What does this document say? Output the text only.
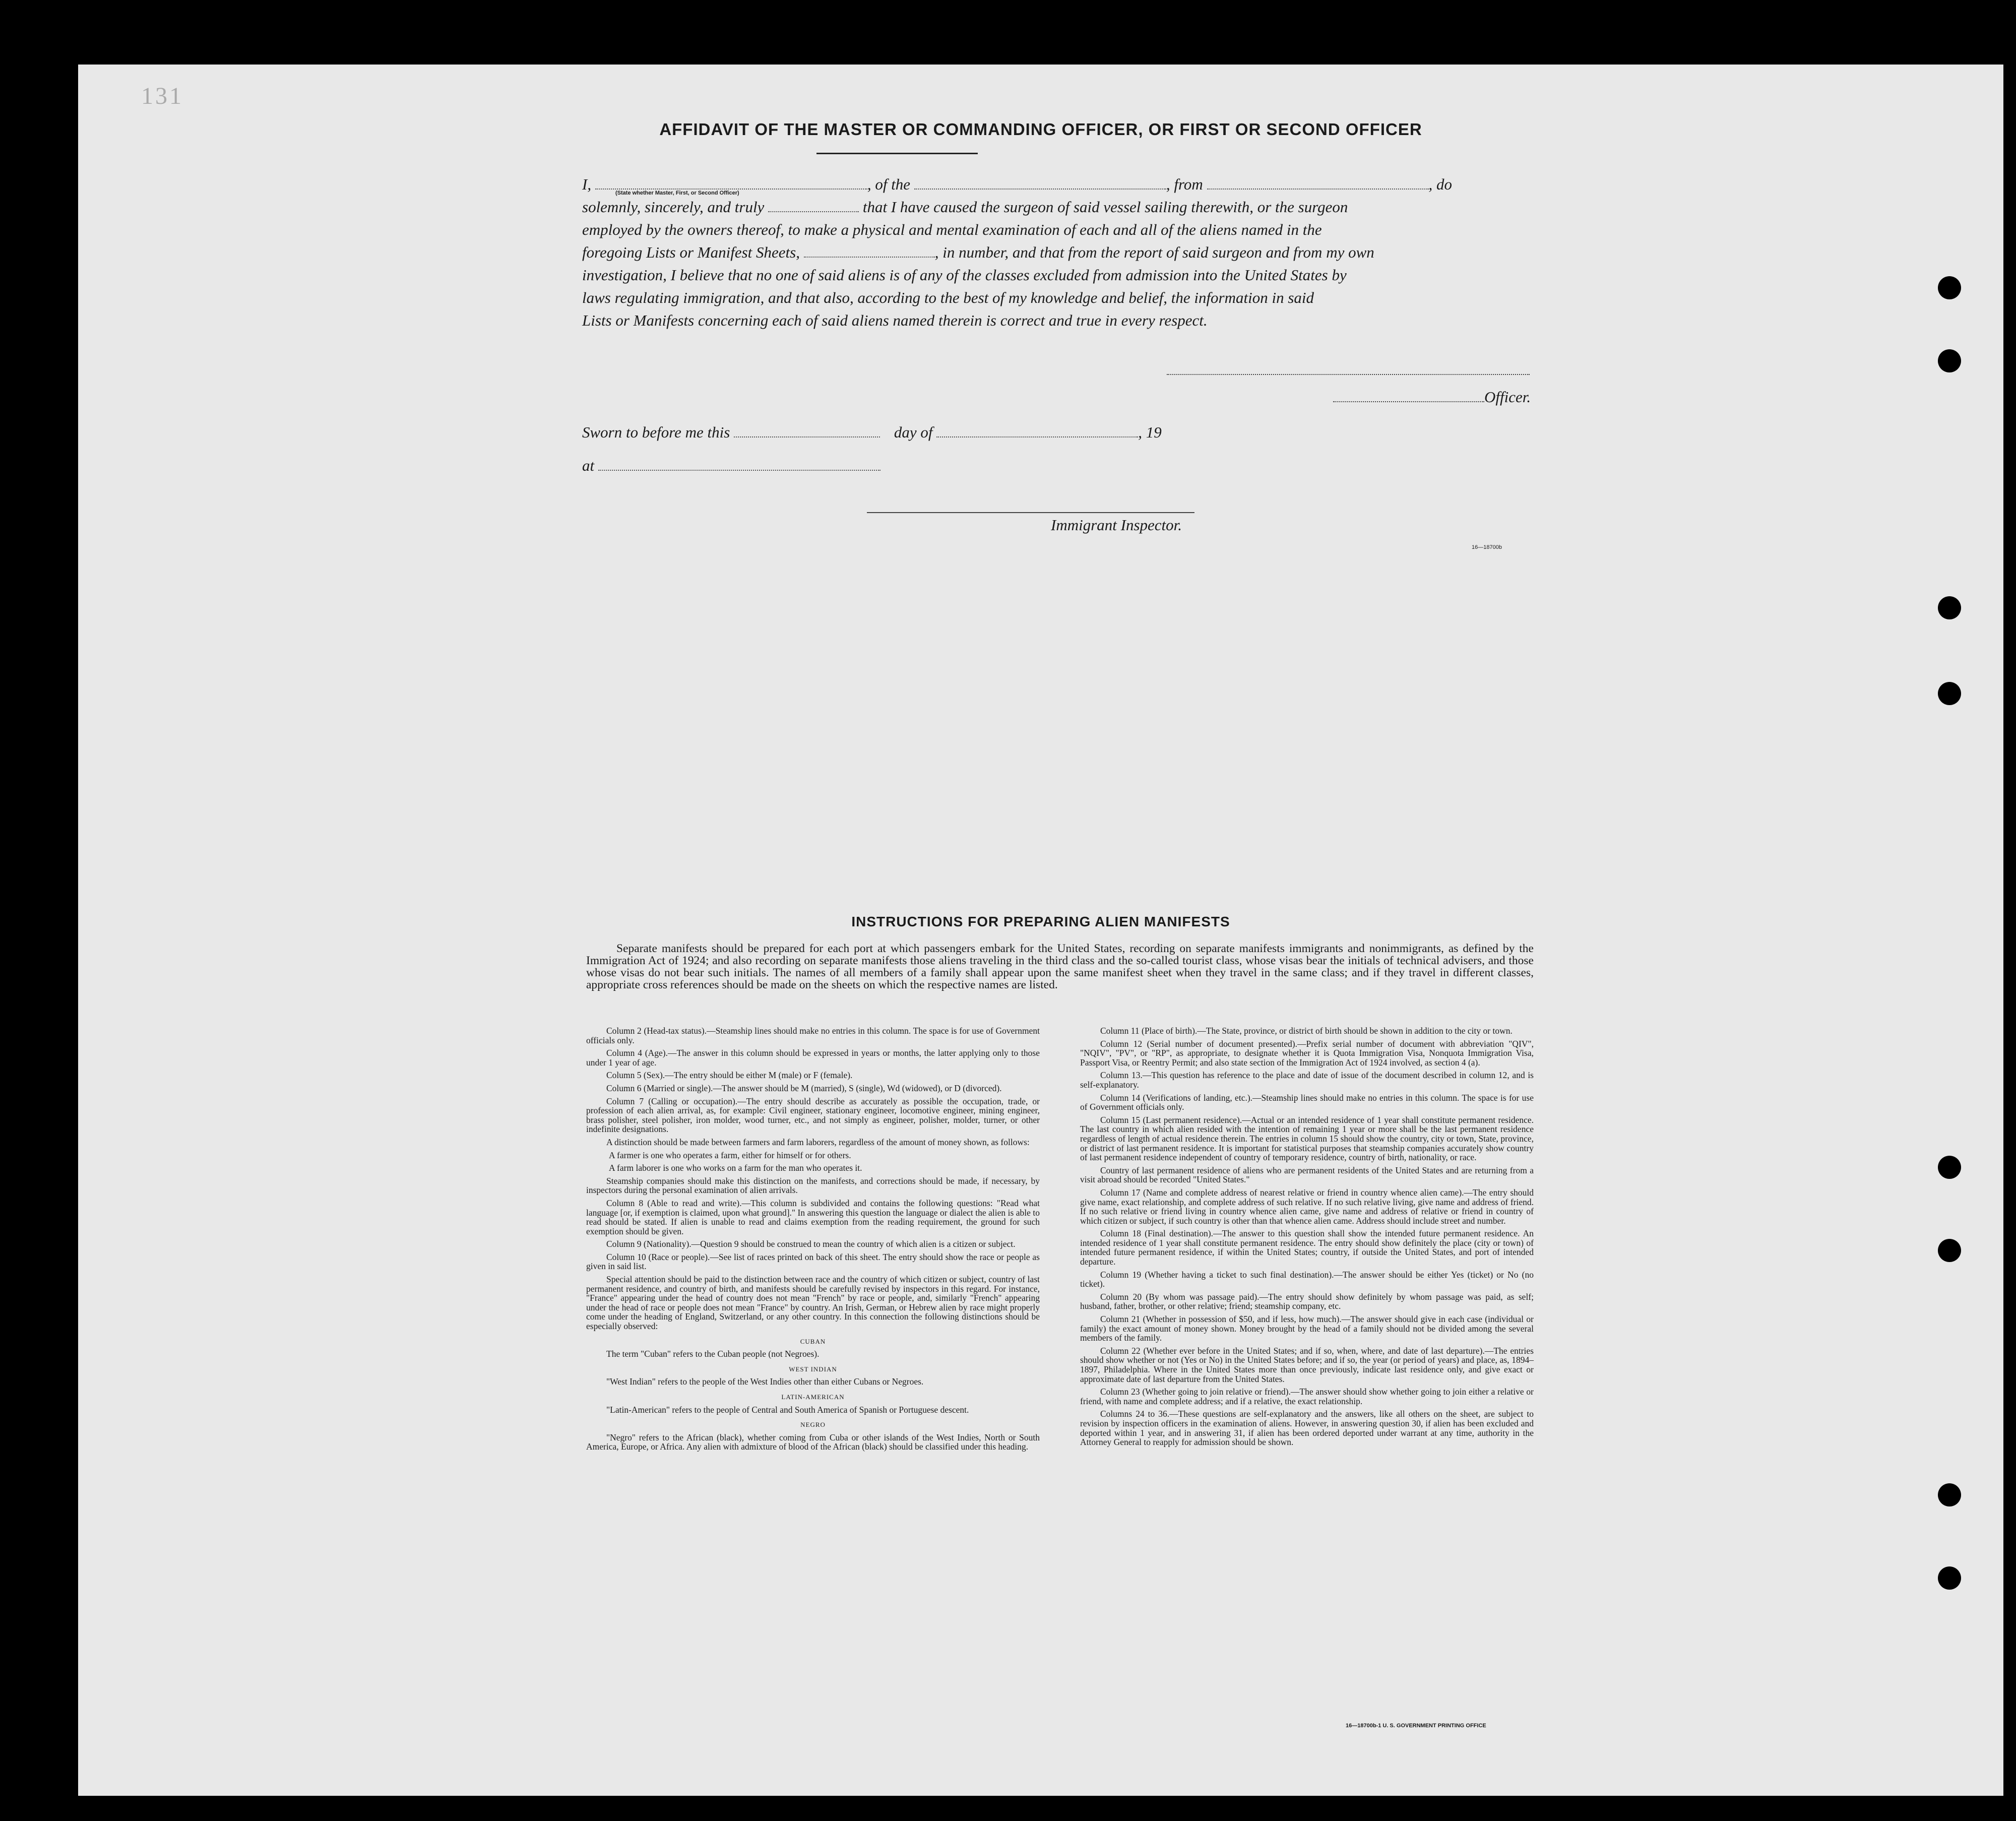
131
AFFIDAVIT OF THE MASTER OR COMMANDING OFFICER, OR FIRST OR SECOND OFFICER
I,	, of the	, from	, do
solemnly, sincerely, and truly	that I have caused the surgeon of said vessel sailing therewith, or the surgeon
employed by the owners thereof, to make a physical and mental examination of each and all of the aliens named in the
foregoing Lists or Manifest Sheets,	, in number, and that from the report of said surgeon and from my own
investigation, I believe that no one of said aliens is of any of the classes excluded from admission into the United States by
laws regulating immigration, and that also, according to the best of my knowledge and belief, the information in said
Lists or Manifests concerning each of said aliens named therein is correct and true in every respect.
(State whether Master, First, or Second Officer)
Officer.
Sworn to before me this	day of	, 19
at
Immigrant Inspector.
16—18700b
INSTRUCTIONS FOR PREPARING ALIEN MANIFESTS

Separate manifests should be prepared for each port at which passengers embark for the United States, recording on separate manifests immigrants and nonimmigrants, as defined by the Immigration Act of 1924; and also recording on separate manifests those aliens traveling in the third class and the so-called tourist class, whose visas bear the initials of technical advisers, and those whose visas do not bear such initials. The names of all members of a family shall appear upon the same manifest sheet when they travel in the same class; and if they travel in different classes, appropriate cross references should be made on the sheets on which the respective names are listed.

Column 2 (Head-tax status).—Steamship lines should make no entries in this column. The space is for use of Government officials only.

Column 4 (Age).—The answer in this column should be expressed in years or months, the latter applying only to those under 1 year of age.

Column 5 (Sex).—The entry should be either M (male) or F (female).

Column 6 (Married or single).—The answer should be M (married), S (single), Wd (widowed), or D (divorced).

Column 7 (Calling or occupation).—The entry should describe as accurately as possible the occupation, trade, or profession of each alien arrival, as, for example: Civil engineer, stationary engineer, locomotive engineer, mining engineer, brass polisher, steel polisher, iron molder, wood turner, etc., and not simply as engineer, polisher, molder, turner, or other indefinite designations.

A distinction should be made between farmers and farm laborers, regardless of the amount of money shown, as follows:

A farmer is one who operates a farm, either for himself or for others.

A farm laborer is one who works on a farm for the man who operates it.

Steamship companies should make this distinction on the manifests, and corrections should be made, if necessary, by inspectors during the personal examination of alien arrivals.

Column 8 (Able to read and write).—This column is subdivided and contains the following questions: "Read what language [or, if exemption is claimed, upon what ground]." In answering this question the language or dialect the alien is able to read should be stated. If alien is unable to read and claims exemption from the reading requirement, the ground for such exemption should be given.

Column 9 (Nationality).—Question 9 should be construed to mean the country of which alien is a citizen or subject.

Column 10 (Race or people).—See list of races printed on back of this sheet. The entry should show the race or people as given in said list.

Special attention should be paid to the distinction between race and the country of which citizen or subject, country of last permanent residence, and country of birth, and manifests should be carefully revised by inspectors in this regard. For instance, "France" appearing under the head of country does not mean "French" by race or people, and, similarly "French" appearing under the head of race or people does not mean "France" by country. An Irish, German, or Hebrew alien by race might properly come under the heading of England, Switzerland, or any other country. In this connection the following distinctions should be especially observed:

CUBAN

The term "Cuban" refers to the Cuban people (not Negroes).

WEST INDIAN

"West Indian" refers to the people of the West Indies other than either Cubans or Negroes.

LATIN-AMERICAN

"Latin-American" refers to the people of Central and South America of Spanish or Portuguese descent.

NEGRO

"Negro" refers to the African (black), whether coming from Cuba or other islands of the West Indies, North or South America, Europe, or Africa. Any alien with admixture of blood of the African (black) should be classified under this heading.

Column 11 (Place of birth).—The State, province, or district of birth should be shown in addition to the city or town.

Column 12 (Serial number of document presented).—Prefix serial number of document with abbreviation "QIV", "NQIV", "PV", or "RP", as appropriate, to designate whether it is Quota Immigration Visa, Nonquota Immigration Visa, Passport Visa, or Reentry Permit; and also state section of the Immigration Act of 1924 involved, as section 4 (a).

Column 13.—This question has reference to the place and date of issue of the document described in column 12, and is self-explanatory.

Column 14 (Verifications of landing, etc.).—Steamship lines should make no entries in this column. The space is for use of Government officials only.

Column 15 (Last permanent residence).—Actual or an intended residence of 1 year shall constitute permanent residence. The last country in which alien resided with the intention of remaining 1 year or more shall be the last permanent residence regardless of length of actual residence therein. The entries in column 15 should show the country, city or town, State, province, or district of last permanent residence. It is important for statistical purposes that steamship companies accurately show country of last permanent residence independent of country of temporary residence, country of birth, nationality, or race.

Country of last permanent residence of aliens who are permanent residents of the United States and are returning from a visit abroad should be recorded "United States."

Column 17 (Name and complete address of nearest relative or friend in country whence alien came).—The entry should give name, exact relationship, and complete address of such relative. If no such relative living, give name and address of friend. If no such relative or friend living in country whence alien came, give name and address of relative or friend in country of which citizen or subject, if such country is other than that whence alien came. Address should include street and number.

Column 18 (Final destination).—The answer to this question shall show the intended future permanent residence. An intended residence of 1 year shall constitute permanent residence. The entry should show definitely the place (city or town) of intended future permanent residence, if within the United States; country, if outside the United States, and port of intended departure.

Column 19 (Whether having a ticket to such final destination).—The answer should be either Yes (ticket) or No (no ticket).

Column 20 (By whom was passage paid).—The entry should show definitely by whom passage was paid, as self; husband, father, brother, or other relative; friend; steamship company, etc.

Column 21 (Whether in possession of $50, and if less, how much).—The answer should give in each case (individual or family) the exact amount of money shown. Money brought by the head of a family should not be divided among the several members of the family.

Column 22 (Whether ever before in the United States; and if so, when, where, and date of last departure).—The entries should show whether or not (Yes or No) in the United States before; and if so, the year (or period of years) and place, as, 1894–1897, Philadelphia. Where in the United States more than once previously, indicate last residence only, and give exact or approximate date of last departure from the United States.

Column 23 (Whether going to join relative or friend).—The answer should show whether going to join either a relative or friend, with name and complete address; and if a relative, the exact relationship.

Columns 24 to 36.—These questions are self-explanatory and the answers, like all others on the sheet, are subject to revision by inspection officers in the examination of aliens. However, in answering question 30, if alien has been excluded and deported within 1 year, and in answering 31, if alien has been ordered deported under warrant at any time, authority in the Attorney General to reapply for admission should be shown.

16—18700b-1 U. S. GOVERNMENT PRINTING OFFICE
